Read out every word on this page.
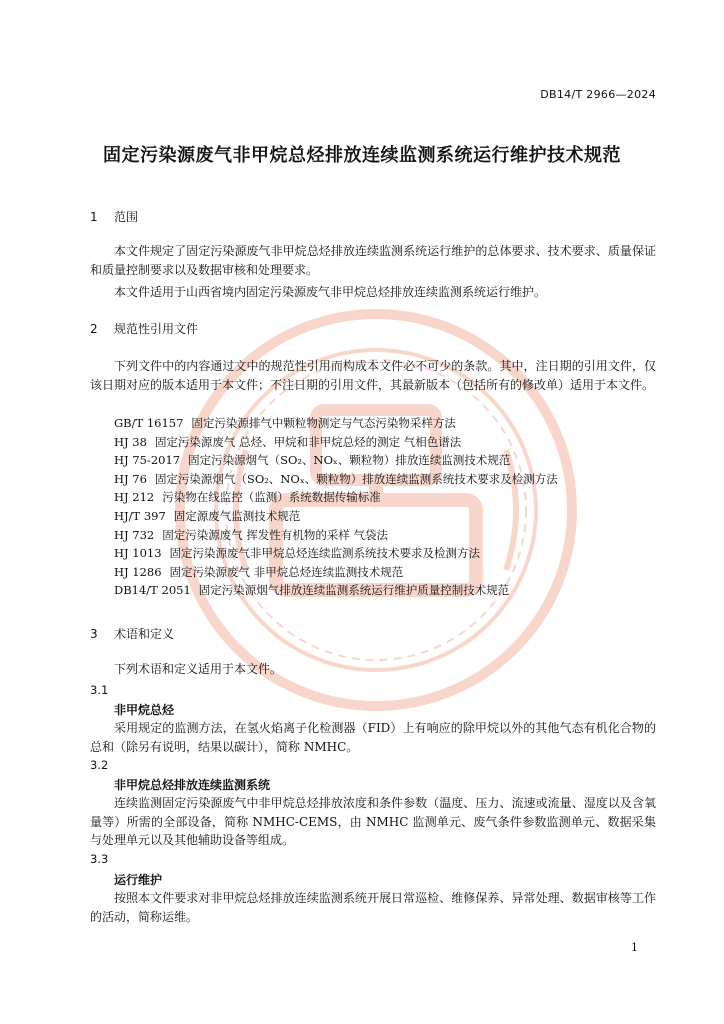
DB14/T 2966—2024
固定污染源废气非甲烷总烃排放连续监测系统运行维护技术规范
1 范围
本文件规定了固定污染源废气非甲烷总烃排放连续监测系统运行维护的总体要求、技术要求、质量保证和质量控制要求以及数据审核和处理要求。
本文件适用于山西省境内固定污染源废气非甲烷总烃排放连续监测系统运行维护。
2 规范性引用文件
下列文件中的内容通过文中的规范性引用而构成本文件必不可少的条款。其中，注日期的引用文件，仅该日期对应的版本适用于本文件；不注日期的引用文件，其最新版本（包括所有的修改单）适用于本文件。
GB/T 16157 固定污染源排气中颗粒物测定与气态污染物采样方法
HJ 38 固定污染源废气 总烃、甲烷和非甲烷总烃的测定 气相色谱法
HJ 75-2017 固定污染源烟气（SO₂、NOₓ、颗粒物）排放连续监测技术规范
HJ 76 固定污染源烟气（SO₂、NOₓ、颗粒物）排放连续监测系统技术要求及检测方法
HJ 212 污染物在线监控（监测）系统数据传输标准
HJ/T 397 固定源废气监测技术规范
HJ 732 固定污染源废气 挥发性有机物的采样 气袋法
HJ 1013 固定污染源废气非甲烷总烃连续监测系统技术要求及检测方法
HJ 1286 固定污染源废气 非甲烷总烃连续监测技术规范
DB14/T 2051 固定污染源烟气排放连续监测系统运行维护质量控制技术规范
3 术语和定义
下列术语和定义适用于本文件。
3.1
非甲烷总烃
采用规定的监测方法，在氢火焰离子化检测器（FID）上有响应的除甲烷以外的其他气态有机化合物的总和（除另有说明，结果以碳计），简称 NMHC。
3.2
非甲烷总烃排放连续监测系统
连续监测固定污染源废气中非甲烷总烃排放浓度和条件参数（温度、压力、流速或流量、湿度以及含氧量等）所需的全部设备，简称 NMHC-CEMS，由 NMHC 监测单元、废气条件参数监测单元、数据采集与处理单元以及其他辅助设备等组成。
3.3
运行维护
按照本文件要求对非甲烷总烃排放连续监测系统开展日常巡检、维修保养、异常处理、数据审核等工作的活动，简称运维。
1
